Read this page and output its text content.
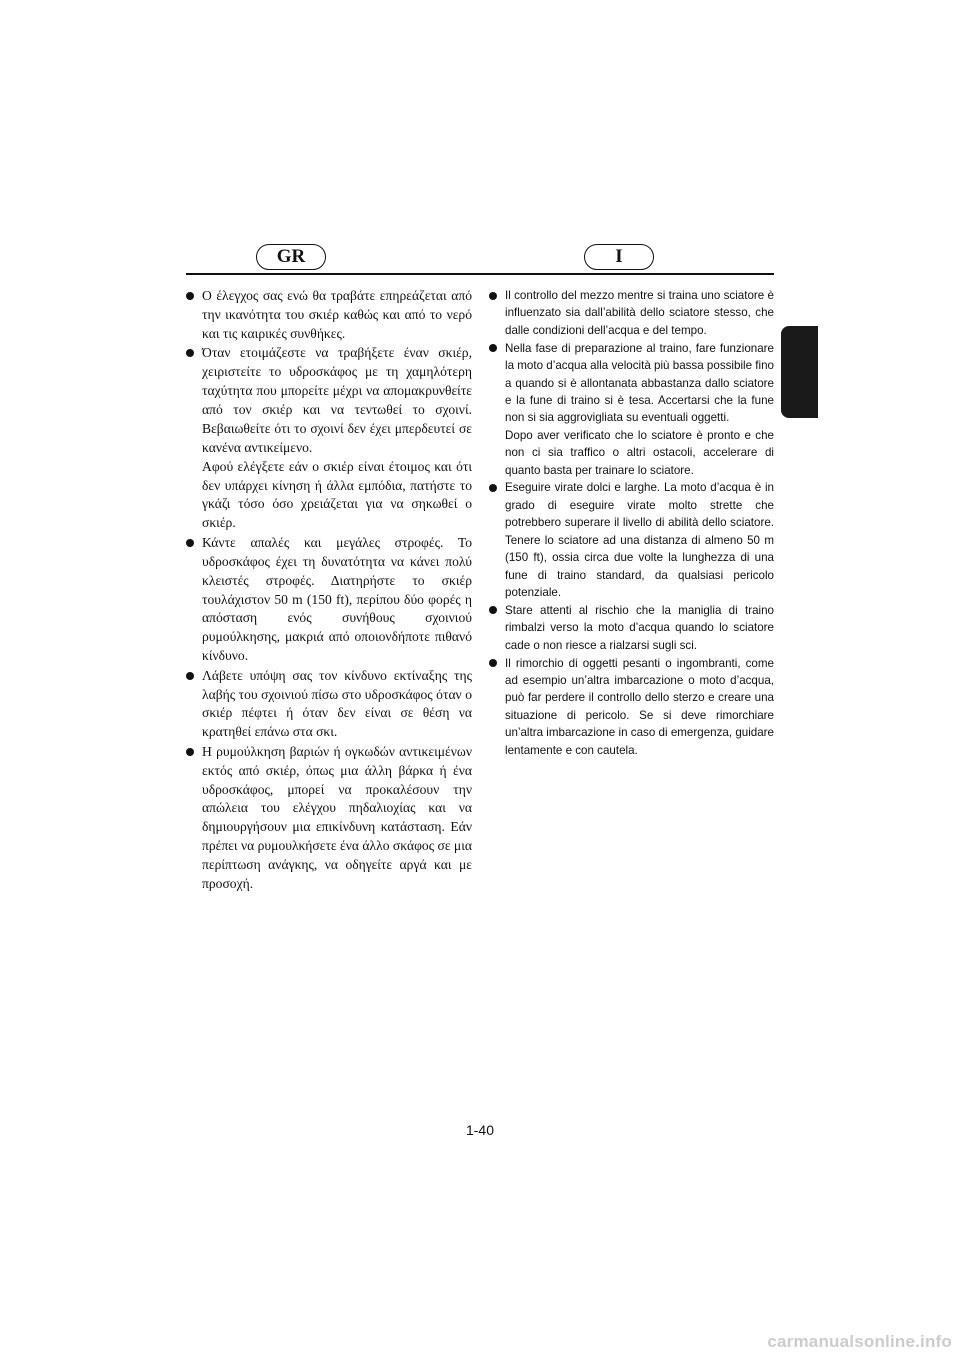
GR	I
Ο έλεγχος σας ενώ θα τραβάτε επηρεάζεται από την ικανότητα του σκιέρ καθώς και από το νερό και τις καιρικές συνθήκες.
Όταν ετοιμάζεστε να τραβήξετε έναν σκιέρ, χειριστείτε το υδροσκάφος με τη χαμηλότερη ταχύτητα που μπορείτε μέχρι να απομακρυνθείτε από τον σκιέρ και να τεντωθεί το σχοινί. Βεβαιωθείτε ότι το σχοινί δεν έχει μπερδευτεί σε κανένα αντικείμενο.
Αφού ελέγξετε εάν ο σκιέρ είναι έτοιμος και ότι δεν υπάρχει κίνηση ή άλλα εμπόδια, πατήστε το γκάζι τόσο όσο χρειάζεται για να σηκωθεί ο σκιέρ.
Κάντε απαλές και μεγάλες στροφές. Το υδροσκάφος έχει τη δυνατότητα να κάνει πολύ κλειστές στροφές. Διατηρήστε το σκιέρ τουλάχιστον 50 m (150 ft), περίπου δύο φορές η απόσταση ενός συνήθους σχοινιού ρυμούλκησης, μακριά από οποιονδήποτε πιθανό κίνδυνο.
Λάβετε υπόψη σας τον κίνδυνο εκτίναξης της λαβής του σχοινιού πίσω στο υδροσκάφος όταν ο σκιέρ πέφτει ή όταν δεν είναι σε θέση να κρατηθεί επάνω στα σκι.
Η ρυμούλκηση βαριών ή ογκωδών αντικειμένων εκτός από σκιέρ, όπως μια άλλη βάρκα ή ένα υδροσκάφος, μπορεί να προκαλέσουν την απώλεια του ελέγχου πηδαλιοχίας και να δημιουργήσουν μια επικίνδυνη κατάσταση. Εάν πρέπει να ρυμουλκήσετε ένα άλλο σκάφος σε μια περίπτωση ανάγκης, να οδηγείτε αργά και με προσοχή.
Il controllo del mezzo mentre si traina uno sciatore è influenzato sia dall’abilità dello sciatore stesso, che dalle condizioni dell’acqua e del tempo.
Nella fase di preparazione al traino, fare funzionare la moto d’acqua alla velocità più bassa possibile fino a quando si è allontanata abbastanza dallo sciatore e la fune di traino si è tesa. Accertarsi che la fune non si sia aggrovigliata su eventuali oggetti.
Dopo aver verificato che lo sciatore è pronto e che non ci sia traffico o altri ostacoli, accelerare di quanto basta per trainare lo sciatore.
Eseguire virate dolci e larghe. La moto d’acqua è in grado di eseguire virate molto strette che potrebbero superare il livello di abilità dello sciatore. Tenere lo sciatore ad una distanza di almeno 50 m (150 ft), ossia circa due volte la lunghezza di una fune di traino standard, da qualsiasi pericolo potenziale.
Stare attenti al rischio che la maniglia di traino rimbalzi verso la moto d’acqua quando lo sciatore cade o non riesce a rialzarsi sugli sci.
Il rimorchio di oggetti pesanti o ingombranti, come ad esempio un’altra imbarcazione o moto d’acqua, può far perdere il controllo dello sterzo e creare una situazione di pericolo. Se si deve rimorchiare un’altra imbarcazione in caso di emergenza, guidare lentamente e con cautela.
1-40
carmanualsonline.info
